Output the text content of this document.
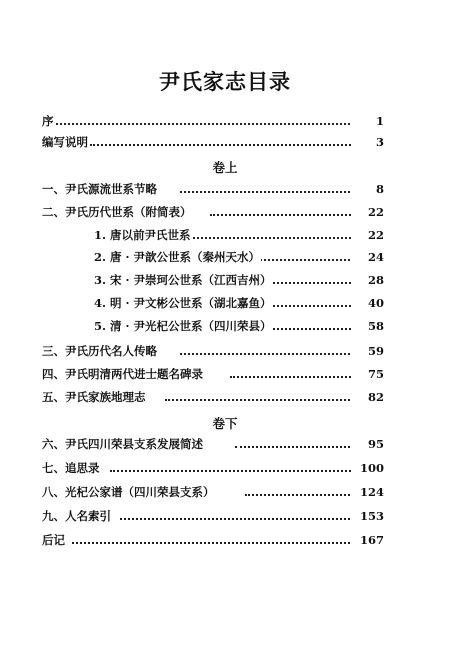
尹氏家志目录
序	1
编写说明	3
卷上
一、尹氏源流世系节略	8
二、尹氏历代世系（附简表）	22
1. 唐以前尹氏世系	22
2. 唐 · 尹歆公世系（秦州天水）	24
3. 宋 · 尹崇珂公世系（江西吉州）	28
4. 明 · 尹文彬公世系（湖北嘉鱼）	40
5. 清 · 尹光杞公世系（四川荣县）	58
三、尹氏历代名人传略	59
四、尹氏明清两代进士题名碑录	75
五、尹氏家族地理志	82
卷下
六、尹氏四川荣县支系发展简述	95
七、追思录	100
八、光杞公家谱（四川荣县支系）	124
九、人名索引	153
后记	167
